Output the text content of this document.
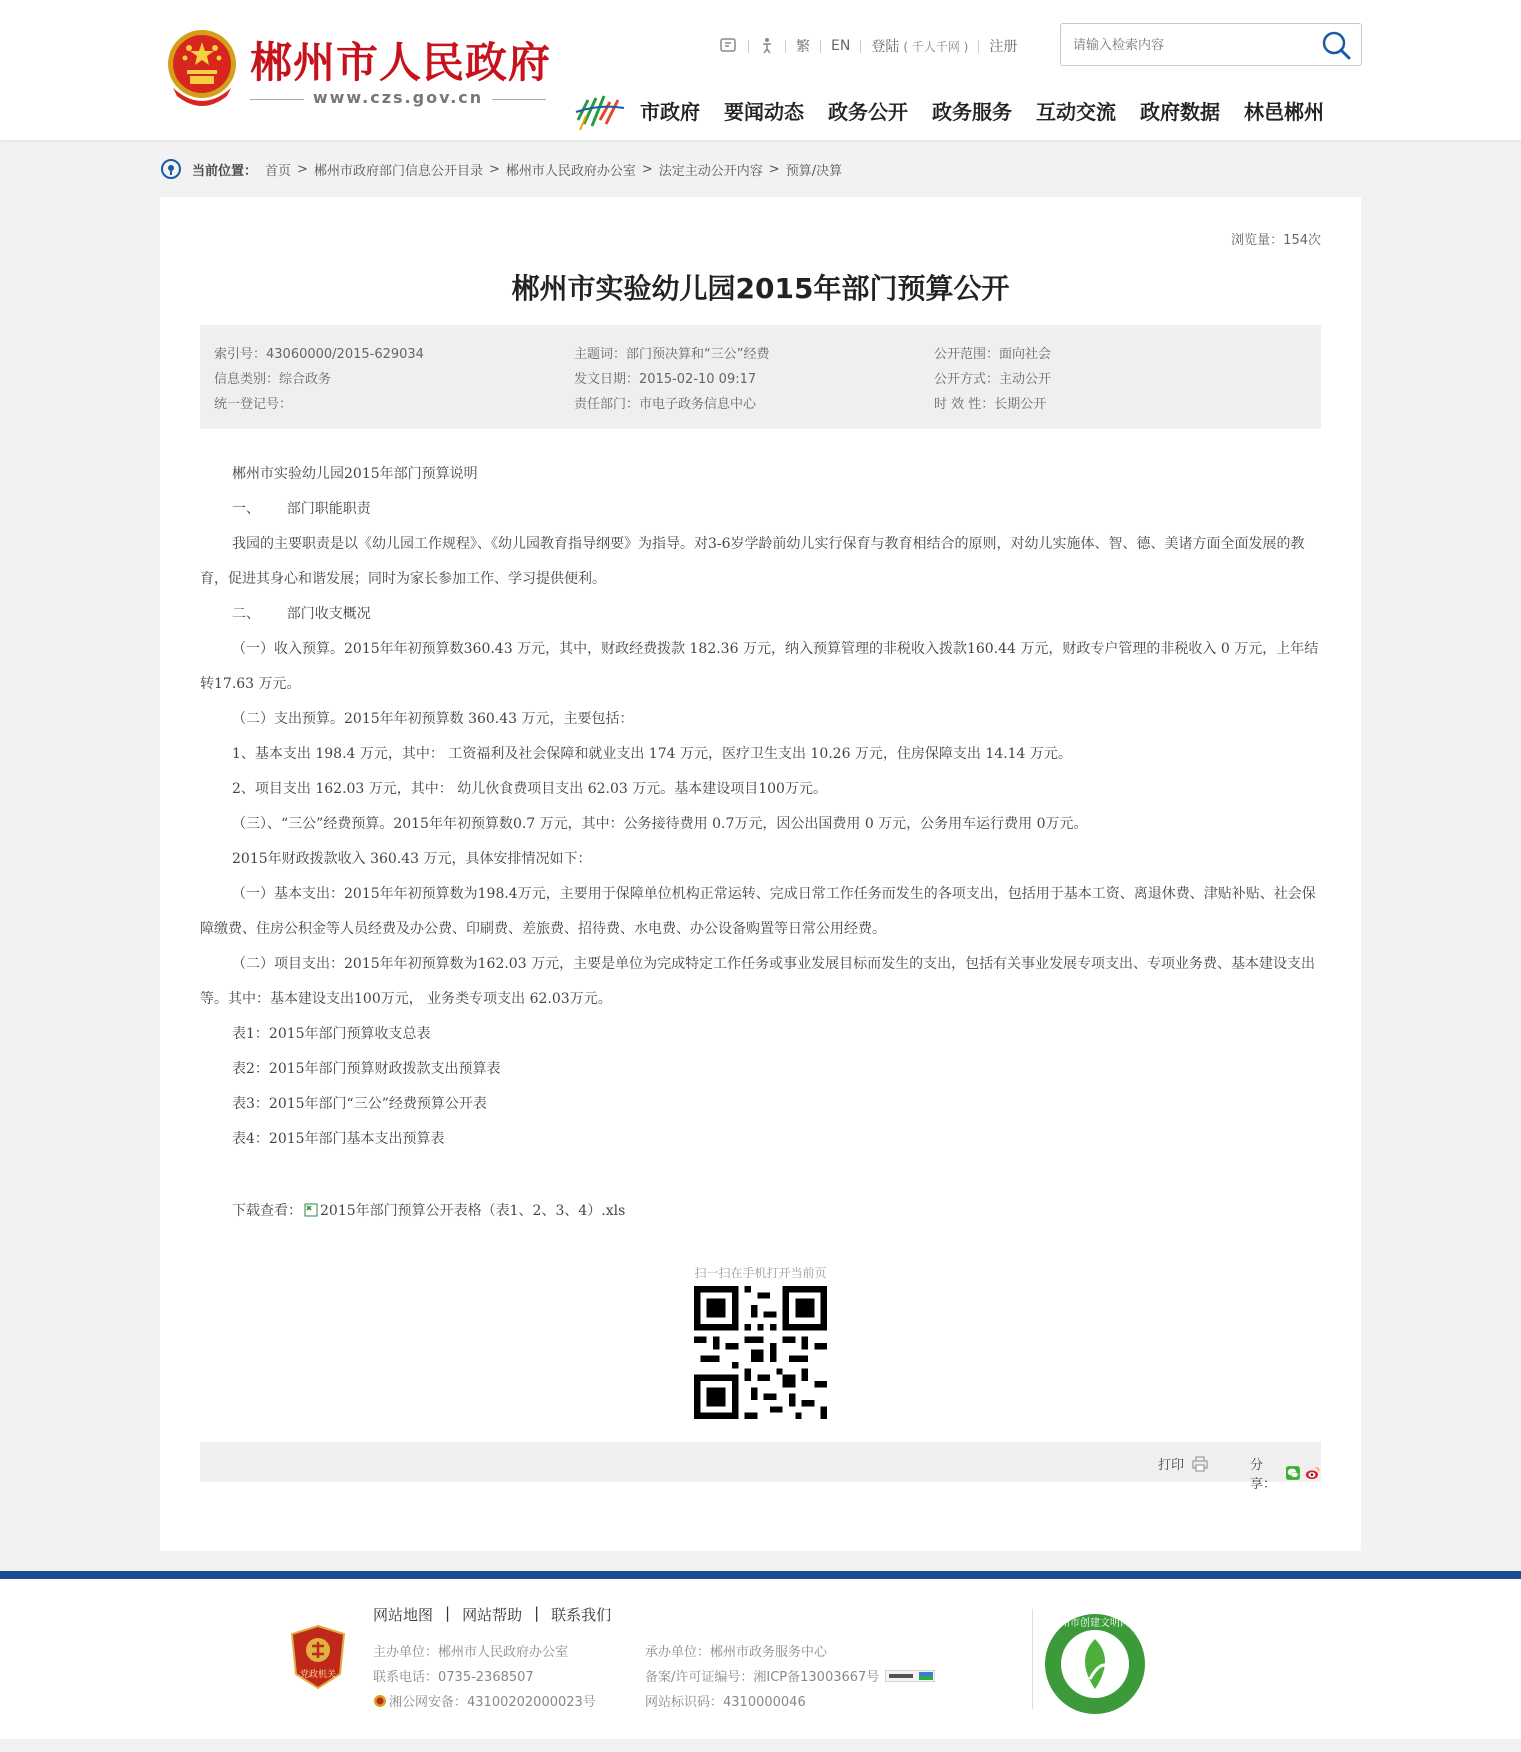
郴州市人民政府
www.czs.gov.cn
繁 EN 登陆 ( 千人千网 ) 注册
请输入检索内容
市政府 要闻动态 政务公开 政务服务 互动交流 政府数据 林邑郴州
当前位置： 首页 > 郴州市政府部门信息公开目录 > 郴州市人民政府办公室 > 法定主动公开内容 > 预算/决算
浏览量：154次
郴州市实验幼儿园2015年部门预算公开
索引号：43060000/2015-629034	主题词：部门预决算和“三公”经费	公开范围：面向社会
信息类别：综合政务	发文日期：2015-02-10 09:17	公开方式：主动公开
统一登记号：	责任部门：市电子政务信息中心	时 效 性：长期公开

郴州市实验幼儿园2015年部门预算说明

一、      部门职能职责

我园的主要职责是以《幼儿园工作规程》、《幼儿园教育指导纲要》为指导。对3-6岁学龄前幼儿实行保育与教育相结合的原则，对幼儿实施体、智、德、美诸方面全面发展的教育，促进其身心和谐发展；同时为家长参加工作、学习提供便利。

二、      部门收支概况

（一）收入预算。2015年年初预算数360.43 万元，其中，财政经费拨款 182.36 万元，纳入预算管理的非税收入拨款160.44 万元，财政专户管理的非税收入 0 万元，上年结转17.63 万元。

（二）支出预算。2015年年初预算数 360.43 万元，主要包括：

1、基本支出 198.4 万元，其中： 工资福利及社会保障和就业支出 174 万元，医疗卫生支出 10.26 万元，住房保障支出 14.14 万元。

2、项目支出 162.03 万元，其中： 幼儿伙食费项目支出 62.03 万元。基本建设项目100万元。

（三）、“三公”经费预算。2015年年初预算数0.7 万元，其中：公务接待费用 0.7万元，因公出国费用 0 万元，公务用车运行费用 0万元。

2015年财政拨款收入 360.43 万元，具体安排情况如下：

（一）基本支出：2015年年初预算数为198.4万元，主要用于保障单位机构正常运转、完成日常工作任务而发生的各项支出，包括用于基本工资、离退休费、津贴补贴、社会保障缴费、住房公积金等人员经费及办公费、印刷费、差旅费、招待费、水电费、办公设备购置等日常公用经费。

（二）项目支出：2015年年初预算数为162.03 万元，主要是单位为完成特定工作任务或事业发展目标而发生的支出，包括有关事业发展专项支出、专项业务费、基本建设支出等。其中：基本建设支出100万元， 业务类专项支出 62.03万元。

表1：2015年部门预算收支总表

表2：2015年部门预算财政拨款支出预算表

表3：2015年部门“三公”经费预算公开表

表4：2015年部门基本支出预算表

下载查看： 2015年部门预算公开表格（表1、2、3、4）.xls
扫一扫在手机打开当前页
打印	分享：
党政机关
网站地图 | 网站帮助 | 联系我们
主办单位：郴州市人民政府办公室
联系电话：0735-2368507
湘公网安备：43100202000023号
承办单位：郴州市政务服务中心
备案/许可证编号：湘ICP备13003667号
网站标识码：4310000046
郴州市创建文明网站
